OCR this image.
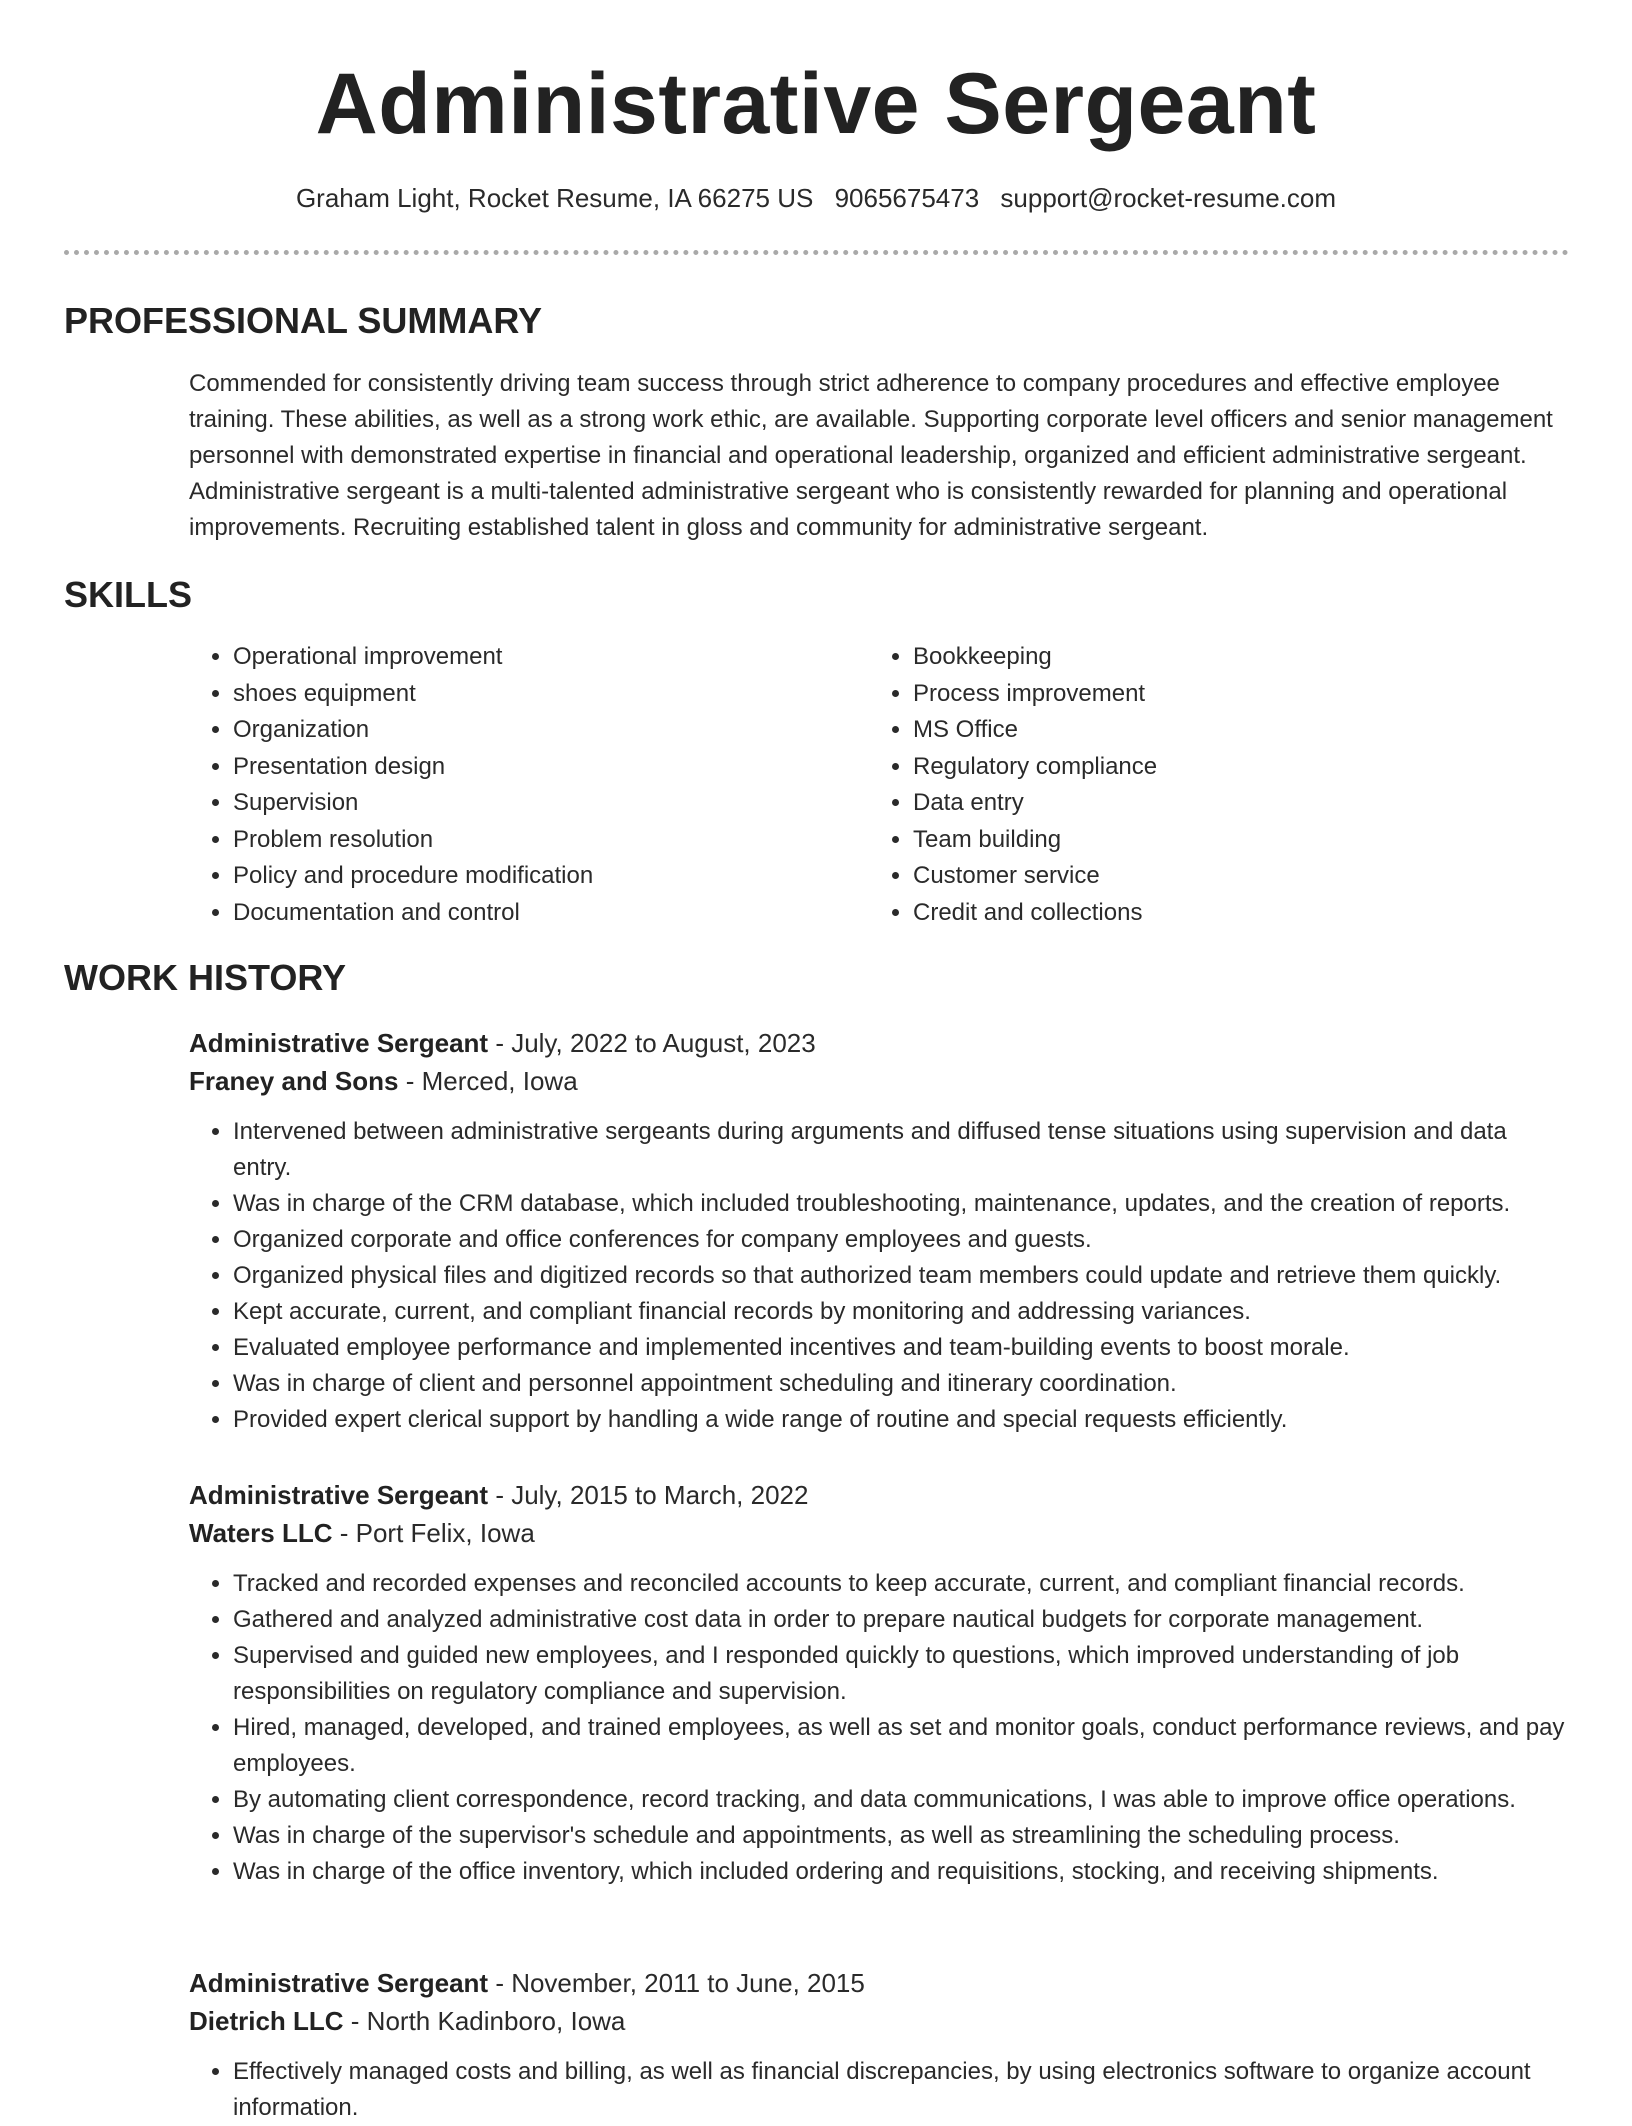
Administrative Sergeant
Graham Light, Rocket Resume, IA 66275 US 9065675473 support@rocket-resume.com
PROFESSIONAL SUMMARY

Commended for consistently driving team success through strict adherence to company procedures and effective employee training. These abilities, as well as a strong work ethic, are available. Supporting corporate level officers and senior management personnel with demonstrated expertise in financial and operational leadership, organized and efficient administrative sergeant. Administrative sergeant is a multi-talented administrative sergeant who is consistently rewarded for planning and operational improvements. Recruiting established talent in gloss and community for administrative sergeant.

SKILLS
• Operational improvement
• shoes equipment
• Organization
• Presentation design
• Supervision
• Problem resolution
• Policy and procedure modification
• Documentation and control
• Bookkeeping
• Process improvement
• MS Office
• Regulatory compliance
• Data entry
• Team building
• Customer service
• Credit and collections
WORK HISTORY
Administrative Sergeant - July, 2022 to August, 2023
Franey and Sons - Merced, Iowa
• Intervened between administrative sergeants during arguments and diffused tense situations using supervision and data entry.
• Was in charge of the CRM database, which included troubleshooting, maintenance, updates, and the creation of reports.
• Organized corporate and office conferences for company employees and guests.
• Organized physical files and digitized records so that authorized team members could update and retrieve them quickly.
• Kept accurate, current, and compliant financial records by monitoring and addressing variances.
• Evaluated employee performance and implemented incentives and team-building events to boost morale.
• Was in charge of client and personnel appointment scheduling and itinerary coordination.
• Provided expert clerical support by handling a wide range of routine and special requests efficiently.
Administrative Sergeant - July, 2015 to March, 2022
Waters LLC - Port Felix, Iowa
• Tracked and recorded expenses and reconciled accounts to keep accurate, current, and compliant financial records.
• Gathered and analyzed administrative cost data in order to prepare nautical budgets for corporate management.
• Supervised and guided new employees, and I responded quickly to questions, which improved understanding of job responsibilities on regulatory compliance and supervision.
• Hired, managed, developed, and trained employees, as well as set and monitor goals, conduct performance reviews, and pay employees.
• By automating client correspondence, record tracking, and data communications, I was able to improve office operations.
• Was in charge of the supervisor's schedule and appointments, as well as streamlining the scheduling process.
• Was in charge of the office inventory, which included ordering and requisitions, stocking, and receiving shipments.
Administrative Sergeant - November, 2011 to June, 2015
Dietrich LLC - North Kadinboro, Iowa
• Effectively managed costs and billing, as well as financial discrepancies, by using electronics software to organize account information.
